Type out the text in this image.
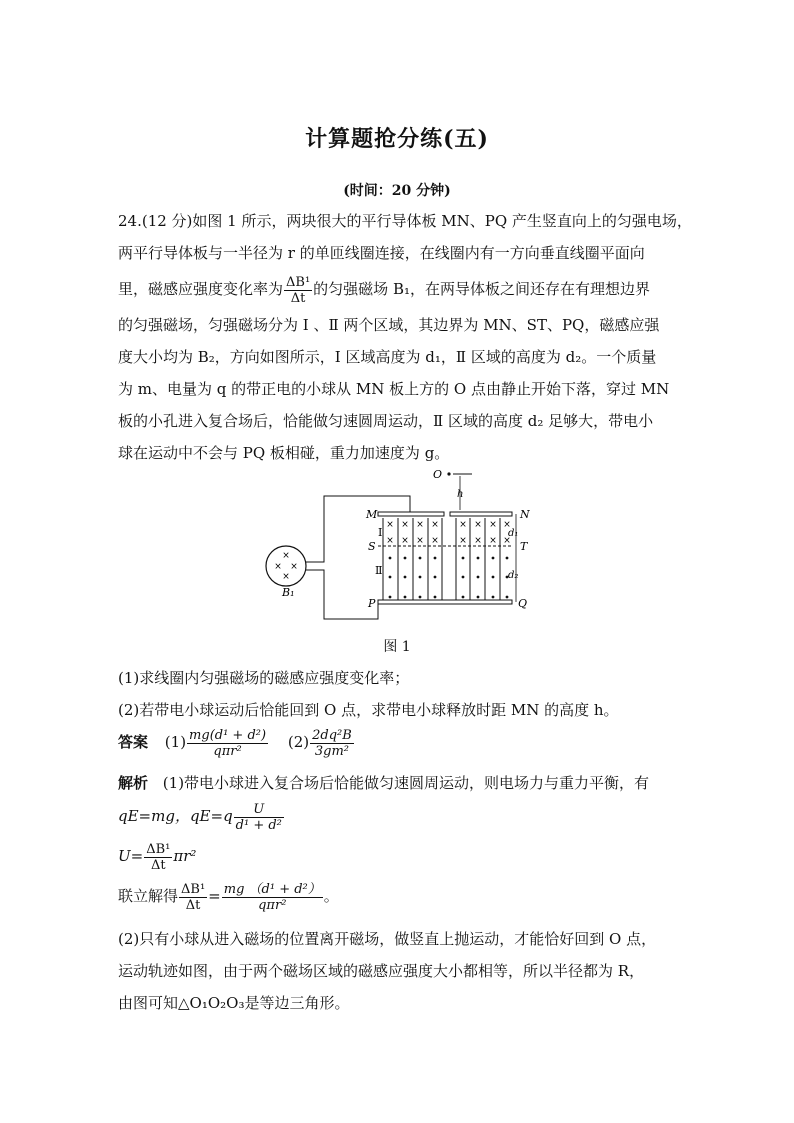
计算题抢分练(五)
(时间：20 分钟)
24.(12 分)如图 1 所示，两块很大的平行导体板 MN、PQ 产生竖直向上的匀强电场，
两平行导体板与一半径为 r 的单匝线圈连接，在线圈内有一方向垂直线圈平面向
里，磁感应强度变化率为 $\frac{\text{ΔB¹}}{\Delta t}$ 的匀强磁场 B₁，在两导体板之间还存在有理想边界
的匀强磁场，匀强磁场分为 Ⅰ 、Ⅱ 两个区域，其边界为 MN、ST、PQ，磁感应强
度大小均为 B₂，方向如图所示，Ⅰ 区域高度为 d₁，Ⅱ 区域的高度为 d₂。一个质量
为 m、电量为 q 的带正电的小球从 MN 板上方的 O 点由静止开始下落，穿过 MN
板的小孔进入复合场后，恰能做匀速圆周运动，Ⅱ 区域的高度 d₂ 足够大，带电小
球在运动中不会与 PQ 板相碰，重力加速度为 g。
×
× ×
×
B₁
× × × × × × × ×
× × × × × × × ×
O
h
d₁
d₂
M	N
S	T
P	Q
Ⅰ
Ⅱ
图 1
(1)求线圈内匀强磁场的磁感应强度变化率；
(2)若带电小球运动后恰能回到 O 点，求带电小球释放时距 MN 的高度 h。
答案 $(1) \frac{\text{mg(d¹ + d²)}}{\text{qπr²}} (2) \frac{\text{2dq²B}}{\text{3gm²}}$
解析 (1)带电小球进入复合场后恰能做匀速圆周运动，则电场力与重力平衡，有
qE=mg，$qE=q \frac{U}{\text{d¹ + d²}}$
$U= \frac{\text{ΔB¹}}{\Delta t} \pi r^2$
联立解得 $\frac{\text{ΔB¹}}{\Delta t} = \frac{\text{mg （d¹ + d²）}}{\text{qπr²}}$ 。
(2)只有小球从进入磁场的位置离开磁场，做竖直上抛运动，才能恰好回到 O 点，
运动轨迹如图，由于两个磁场区域的磁感应强度大小都相等，所以半径都为 R，
由图可知△O₁O₂O₃是等边三角形。
